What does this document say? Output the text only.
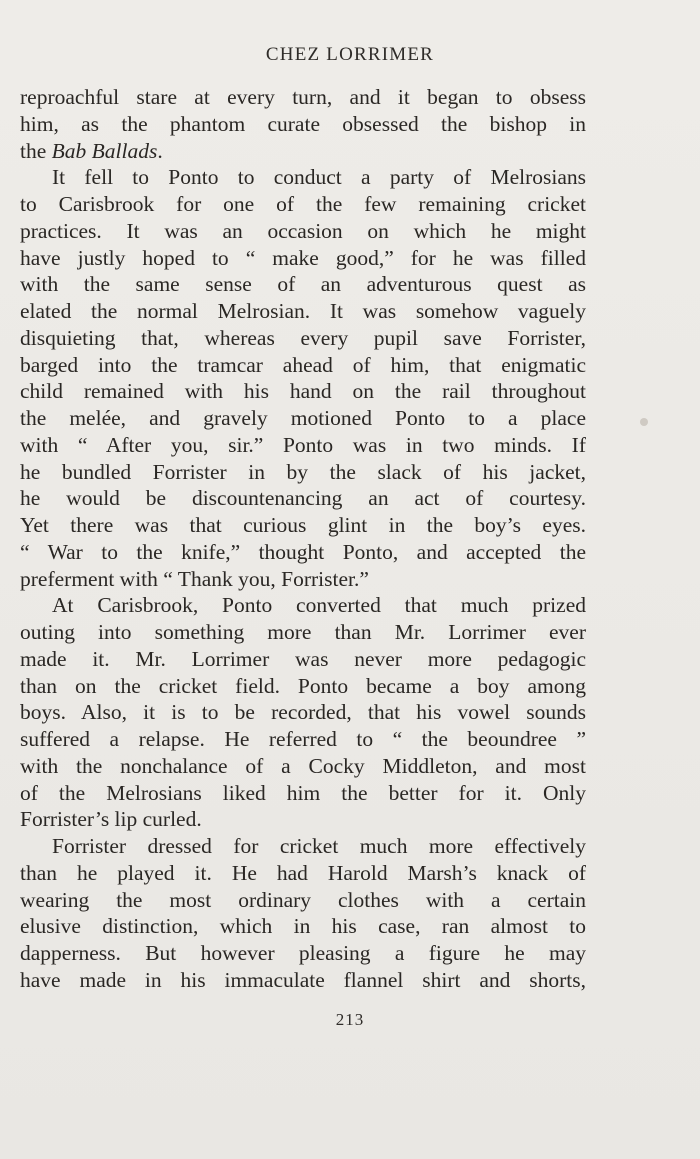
CHEZ LORRIMER
reproachful stare at every turn, and it began to obsess
him, as the phantom curate obsessed the bishop in
the Bab Ballads.
It fell to Ponto to conduct a party of Melrosians
to Carisbrook for one of the few remaining cricket
practices. It was an occasion on which he might
have justly hoped to “ make good,” for he was filled
with the same sense of an adventurous quest as
elated the normal Melrosian. It was somehow vaguely
disquieting that, whereas every pupil save Forrister,
barged into the tramcar ahead of him, that enigmatic
child remained with his hand on the rail throughout
the melée, and gravely motioned Ponto to a place
with “ After you, sir.” Ponto was in two minds. If
he bundled Forrister in by the slack of his jacket,
he would be discountenancing an act of courtesy.
Yet there was that curious glint in the boy’s eyes.
“ War to the knife,” thought Ponto, and accepted the
preferment with “ Thank you, Forrister.”
At Carisbrook, Ponto converted that much prized
outing into something more than Mr. Lorrimer ever
made it. Mr. Lorrimer was never more pedagogic
than on the cricket field. Ponto became a boy among
boys. Also, it is to be recorded, that his vowel sounds
suffered a relapse. He referred to “ the beoundree ”
with the nonchalance of a Cocky Middleton, and most
of the Melrosians liked him the better for it. Only
Forrister’s lip curled.
Forrister dressed for cricket much more effectively
than he played it. He had Harold Marsh’s knack of
wearing the most ordinary clothes with a certain
elusive distinction, which in his case, ran almost to
dapperness. But however pleasing a figure he may
have made in his immaculate flannel shirt and shorts,
213
